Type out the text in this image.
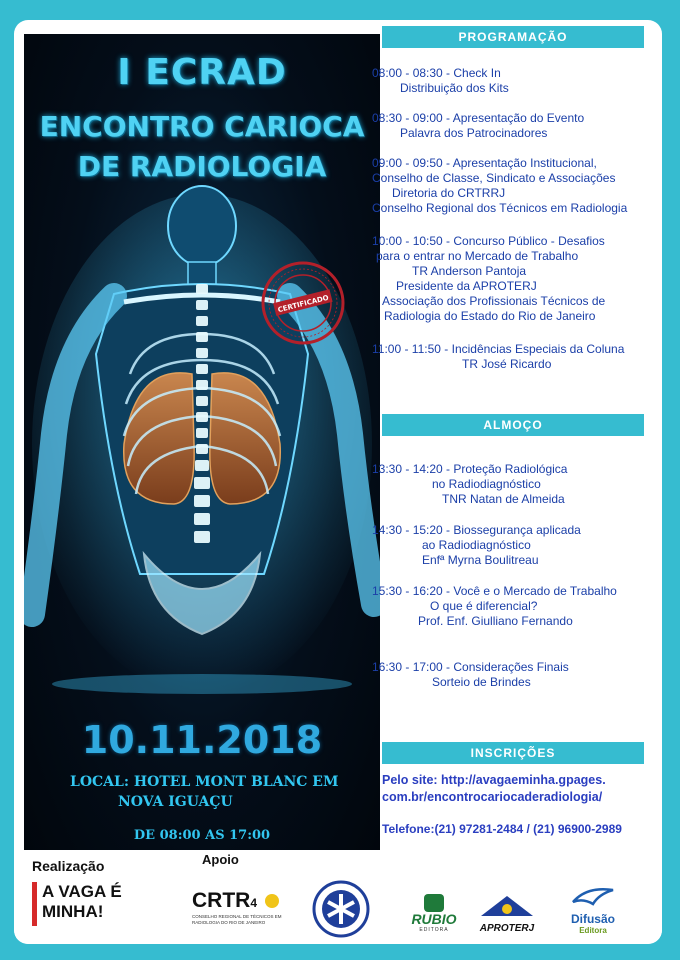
I ECRAD
ENCONTRO CARIOCA
DE RADIOLOGIA
CERTIFICADO
10.11.2018
LOCAL: HOTEL MONT BLANC EM
NOVA IGUAÇU
DE 08:00 AS 17:00
PROGRAMAÇÃO
08:00 - 08:30 - Check In
Distribuição dos Kits
08:30 - 09:00 - Apresentação do Evento
Palavra dos Patrocinadores
09:00 - 09:50 - Apresentação Institucional,
Conselho de Classe, Sindicato e Associações
Diretoria do CRTRRJ
Conselho Regional dos Técnicos em Radiologia
10:00 - 10:50 - Concurso Público - Desafios
para o entrar no Mercado de Trabalho
TR Anderson Pantoja
Presidente da APROTERJ
Associação dos Profissionais Técnicos de
Radiologia do Estado do Rio de Janeiro
11:00 - 11:50 - Incidências Especiais da Coluna
TR José Ricardo
ALMOÇO
13:30 - 14:20 - Proteção Radiológica
no Radiodiagnóstico
TNR Natan de Almeida
14:30 - 15:20 - Biossegurança aplicada
ao Radiodiagnóstico
Enfª Myrna Boulitreau
15:30 - 16:20 - Você e o Mercado de Trabalho
O que é diferencial?
Prof. Enf. Giulliano Fernando
16:30 - 17:00 - Considerações Finais
Sorteio de Brindes
INSCRIÇÕES
Pelo site: http://avagaeminha.gpages.
com.br/encontrocariocaderadiologia/
Telefone:(21) 97281-2484 / (21) 96900-2989
Realização	Apoio
A VAGA É
MINHA!	CRTR4
CONSELHO REGIONAL DE TÉCNICOS EM
RADIOLOGIA DO RIO DE JANEIRO	RUBIO
EDITORA	APROTERJ
Difusão
Editora
